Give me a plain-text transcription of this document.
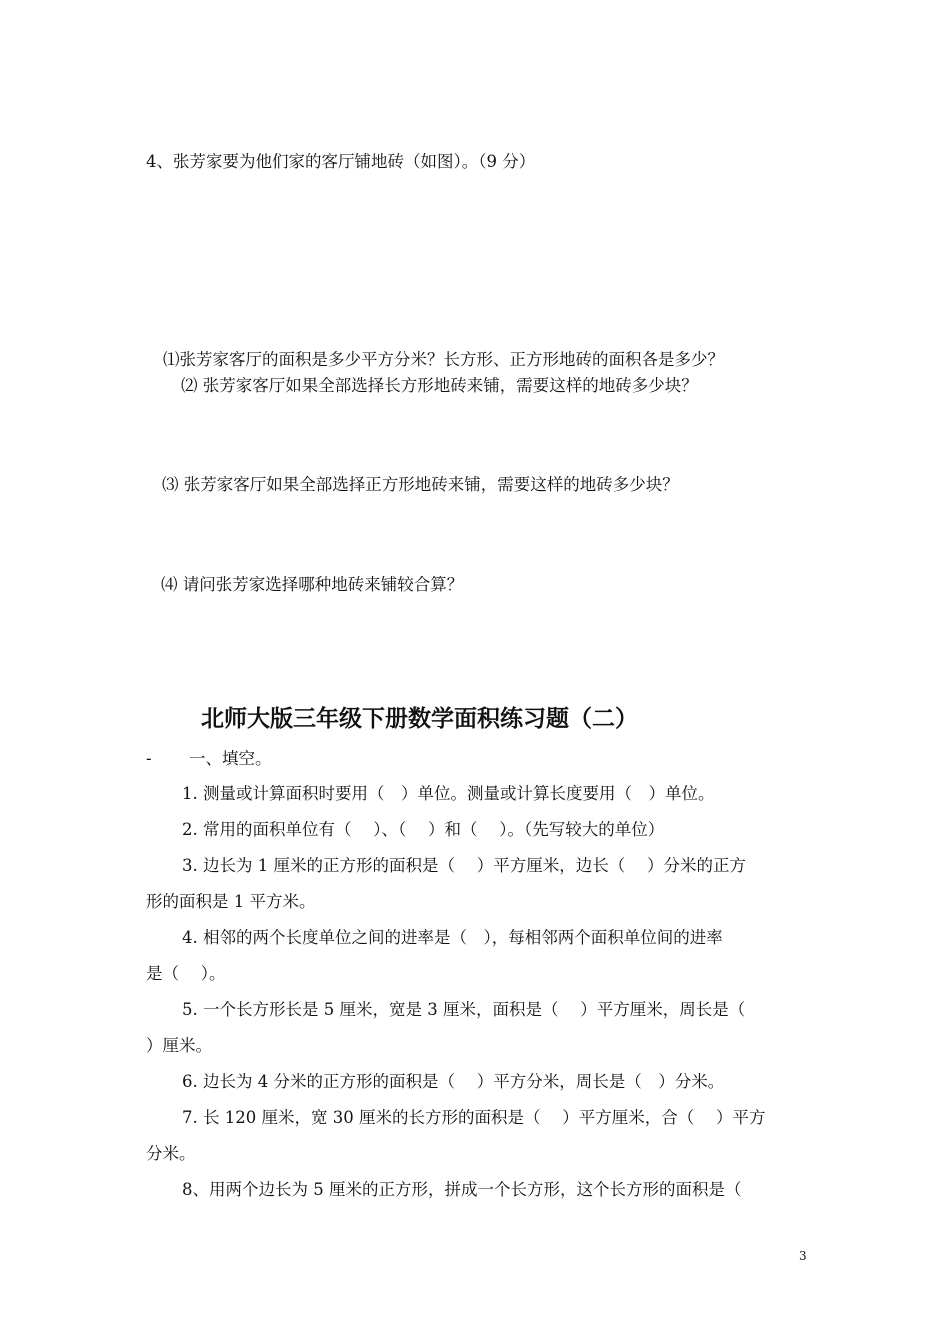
4、张芳家要为他们家的客厅铺地砖（如图）。（9 分）
⑴张芳家客厅的面积是多少平方分米？长方形、正方形地砖的面积各是多少？
⑵ 张芳家客厅如果全部选择长方形地砖来铺，需要这样的地砖多少块？
⑶ 张芳家客厅如果全部选择正方形地砖来铺，需要这样的地砖多少块？
⑷ 请问张芳家选择哪种地砖来铺较合算？
北师大版三年级下册数学面积练习题（二）
- 一、填空。
1. 测量或计算面积时要用（　）单位。测量或计算长度要用（　）单位。
2. 常用的面积单位有（　 ）、（　 ）和（　 ）。（先写较大的单位）
3. 边长为 1 厘米的正方形的面积是（　 ）平方厘米，边长（　 ）分米的正方
形的面积是 1 平方米。
4. 相邻的两个长度单位之间的进率是（　），每相邻两个面积单位间的进率
是（　 ）。
5. 一个长方形长是 5 厘米，宽是 3 厘米，面积是（　 ）平方厘米，周长是（
）厘米。
6. 边长为 4 分米的正方形的面积是（　 ）平方分米，周长是（　）分米。
7. 长 120 厘米，宽 30 厘米的长方形的面积是（　 ）平方厘米，合（　 ）平方
分米。
8、用两个边长为 5 厘米的正方形，拼成一个长方形，这个长方形的面积是（
3
